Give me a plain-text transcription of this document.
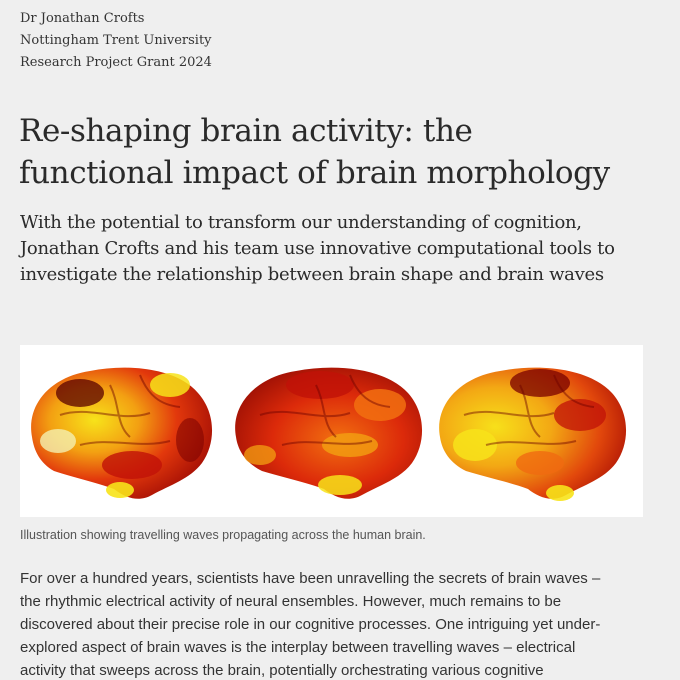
Dr Jonathan Crofts
Nottingham Trent University
Research Project Grant 2024
Re-shaping brain activity: the
functional impact of brain morphology
With the potential to transform our understanding of cognition,
Jonathan Crofts and his team use innovative computational tools to
investigate the relationship between brain shape and brain waves
Illustration showing travelling waves propagating across the human brain.

For over a hundred years, scientists have been unravelling the secrets of brain waves –
the rhythmic electrical activity of neural ensembles. However, much remains to be
discovered about their precise role in our cognitive processes. One intriguing yet under-
explored aspect of brain waves is the interplay between travelling waves – electrical
activity that sweeps across the brain, potentially orchestrating various cognitive
